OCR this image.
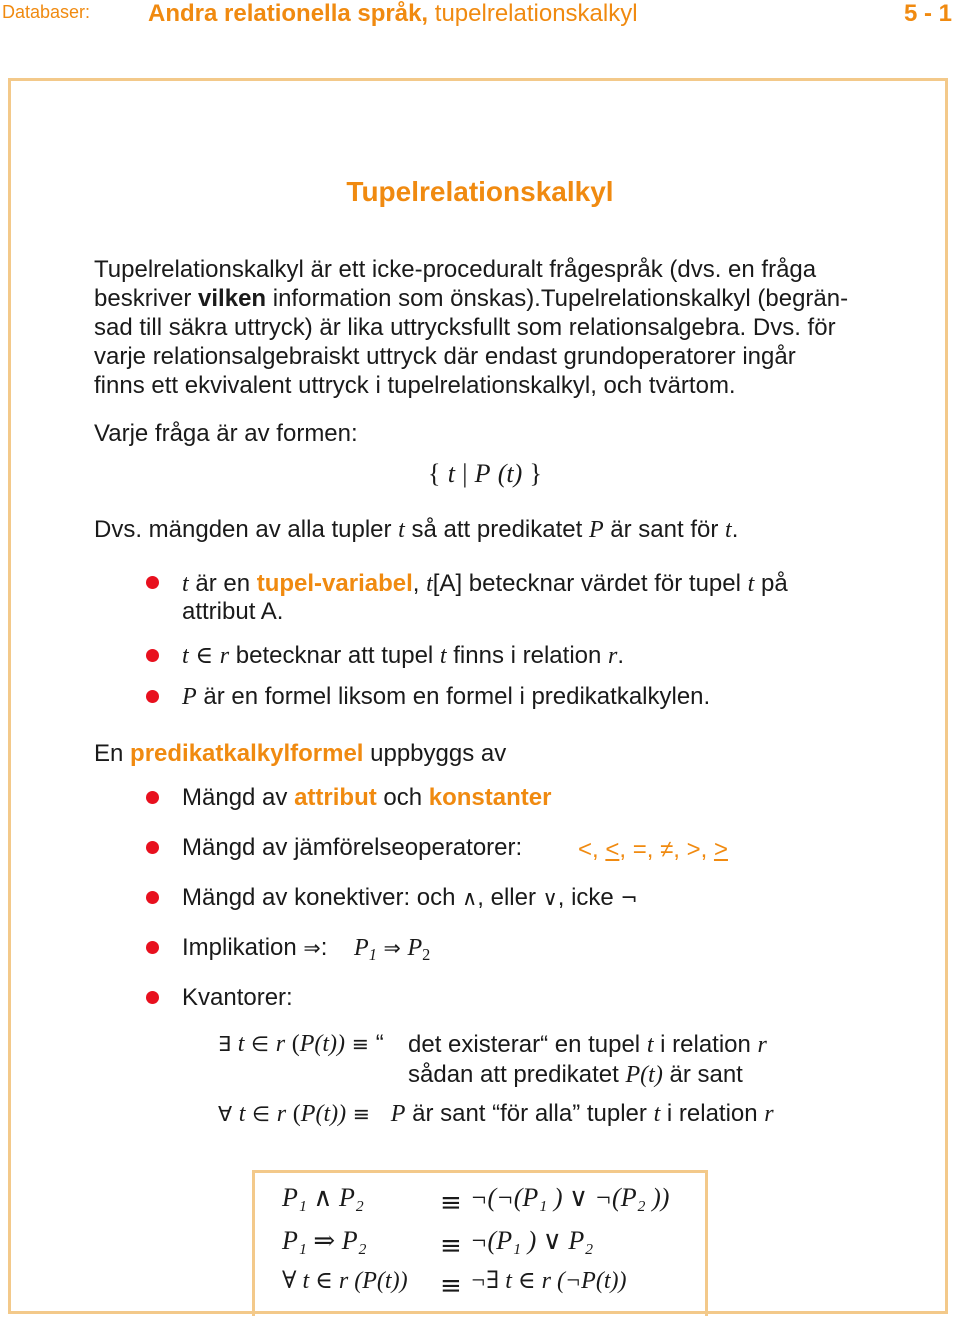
Databaser: Andra relationella språk, tupelrelationskalkyl	5 - 1
Tupelrelationskalkyl

Tupelrelationskalkyl är ett icke-proceduralt frågespråk (dvs. en fråga

beskriver vilken information som önskas).Tupelrelationskalkyl (begrän-

sad till säkra uttryck) är lika uttrycksfullt som relationsalgebra. Dvs. för

varje relationsalgebraiskt uttryck där endast grundoperatorer ingår

finns ett ekvivalent uttryck i tupelrelationskalkyl, och tvärtom.

Varje fråga är av formen:
{ t | P (t) }
Dvs. mängden av alla tupler t så att predikatet P är sant för t.
t är en tupel-variabel, t[A] betecknar värdet för tupel t på
attribut A.
t ∈ r betecknar att tupel t finns i relation r.
P är en formel liksom en formel i predikatkalkylen.
En predikatkalkylformel uppbyggs av
Mängd av attribut och konstanter
Mängd av jämförelseoperatorer: <, <, =, ≠, >, >
Mängd av konektiver: och ∧, eller ∨, icke ¬
Implikation ⇒: P1 ⇒ P2
Kvantorer:
∃ t ∈ r (P(t)) ≡ “ det existerar“ en tupel t i relation r
sådan att predikatet P(t) är sant
∀ t ∈ r (P(t)) ≡ P är sant “för alla” tupler t i relation r
P₁ ∧ P₂	≡ ¬(¬(P₁ ) ∨ ¬(P₂ ))
P₁ ⇒ P₂	≡ ¬(P₁ ) ∨ P₂
∀ t ∈ r (P(t)) ≡ ¬∃ t ∈ r (¬P(t))
